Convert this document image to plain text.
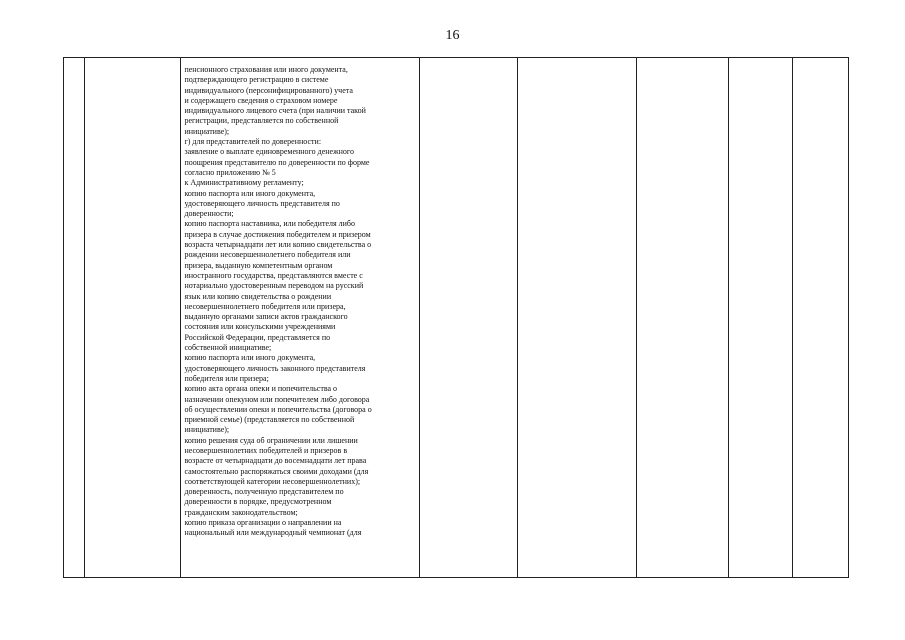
16

пенсионного страхования или иного документа,
подтверждающего регистрацию в системе
индивидуального (персонифицированного) учета
и содержащего сведения о страховом номере
индивидуального лицевого счета (при наличии такой
регистрации, представляется по собственной
инициативе);
г) для представителей по доверенности:
заявление о выплате единовременного денежного
поощрения представителю по доверенности по форме
согласно приложению № 5
к Административному регламенту;
копию паспорта или иного документа,
удостоверяющего личность представителя по
доверенности;
копию паспорта наставника, или победителя либо
призера в случае достижения победителем и призером
возраста четырнадцати лет или копию свидетельства о
рождении несовершеннолетнего победителя или
призера, выданную компетентным органом
иностранного государства, представляются вместе с
нотариально удостоверенным переводом на русский
язык или копию свидетельства о рождении
несовершеннолетнего победителя или призера,
выданную органами записи актов гражданского
состояния или консульскими учреждениями
Российской Федерации, представляется по
собственной инициативе;
копию паспорта или иного документа,
удостоверяющего личность законного представителя
победителя или призера;
копию акта органа опеки и попечительства о
назначении опекуном или попечителем либо договора
об осуществлении опеки и попечительства (договора о
приемной семье) (представляется по собственной
инициативе);
копию решения суда об ограничении или лишении
несовершеннолетних победителей и призеров в
возрасте от четырнадцати до восемнадцати лет права
самостоятельно распоряжаться своими доходами (для
соответствующей категории несовершеннолетних);
доверенность, полученную представителем по
доверенности в порядке, предусмотренном
гражданским законодательством;
копию приказа организации о направлении на
национальный или международный чемпионат (для
